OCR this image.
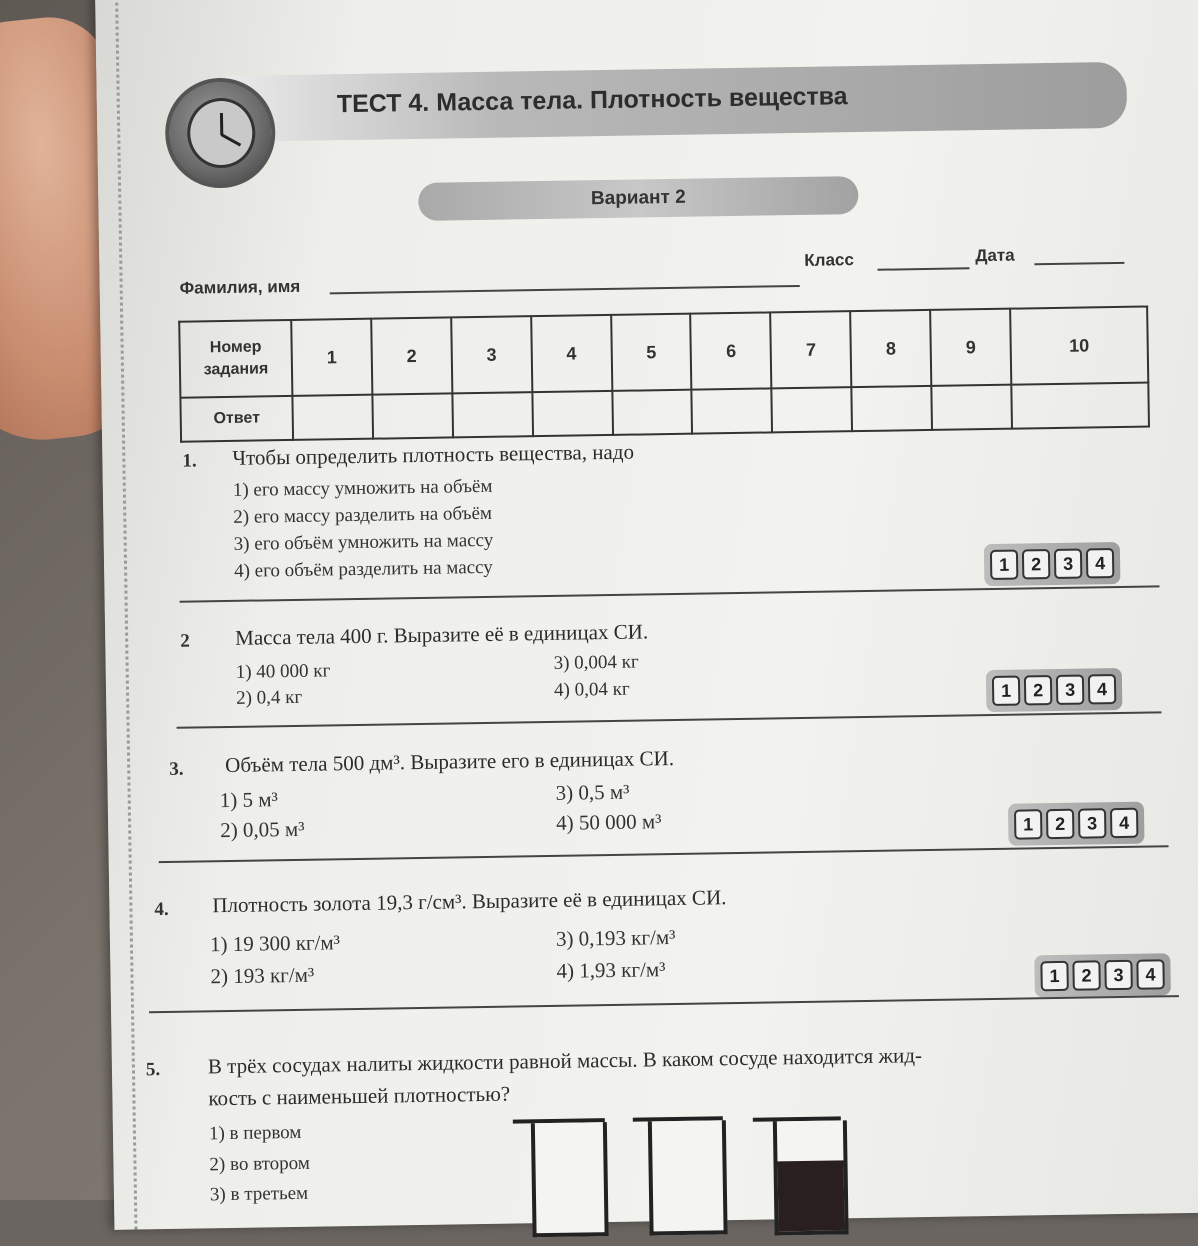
ТЕСТ 4. Масса тела. Плотность вещества
Вариант 2
Фамилия, имя
Класс	Дата
Номер
задания	1	2	3	4	5	6	7	8	9	10
Ответ										
1. Чтобы определить плотность вещества, надо
1) его массу умножить на объём
2) его массу разделить на объём
3) его объём умножить на массу
4) его объём разделить на массу	1	2	3	4
2 Масса тела 400 г. Выразите её в единицах СИ.
1) 40 000 кг
2) 0,4 кг
3) 0,004 кг
4) 0,04 кг	1	2	3	4
3. Объём тела 500 дм³. Выразите его в единицах СИ.
1) 5 м³
2) 0,05 м³
3) 0,5 м³
4) 50 000 м³	1	2	3	4
4. Плотность золота 19,3 г/см³. Выразите её в единицах СИ.
1) 19 300 кг/м³
2) 193 кг/м³
3) 0,193 кг/м³
4) 1,93 кг/м³	1	2	3	4
5. В трёх сосудах налиты жидкости равной массы. В каком сосуде находится жид-
кость с наименьшей плотностью?
1) в первом
2) во втором
3) в третьем
